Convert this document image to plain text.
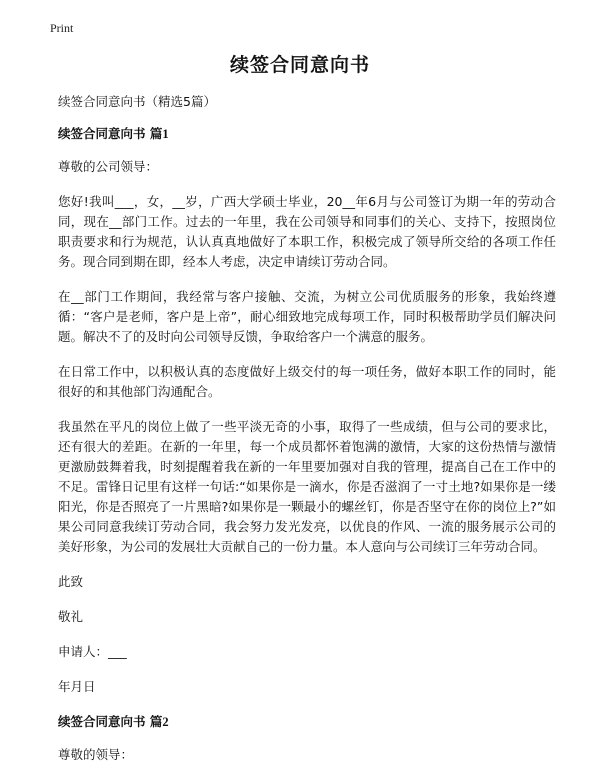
Print
续签合同意向书
续签合同意向书（精选5篇）
续签合同意向书 篇1
尊敬的公司领导：
您好!我叫___，女，__岁，广西大学硕士毕业，20__年6月与公司签订为期一年的劳动合同，现在__部门工作。过去的一年里，我在公司领导和同事们的关心、支持下，按照岗位职责要求和行为规范，认认真真地做好了本职工作，积极完成了领导所交给的各项工作任务。现合同到期在即，经本人考虑，决定申请续订劳动合同。
在__部门工作期间，我经常与客户接触、交流，为树立公司优质服务的形象，我始终遵循：“客户是老师，客户是上帝”，耐心细致地完成每项工作，同时积极帮助学员们解决问题。解决不了的及时向公司领导反馈，争取给客户一个满意的服务。
在日常工作中，以积极认真的态度做好上级交付的每一项任务，做好本职工作的同时，能很好的和其他部门沟通配合。
我虽然在平凡的岗位上做了一些平淡无奇的小事，取得了一些成绩，但与公司的要求比，还有很大的差距。在新的一年里，每一个成员都怀着饱满的激情，大家的这份热情与激情更激励鼓舞着我，时刻提醒着我在新的一年里要加强对自我的管理，提高自己在工作中的不足。雷锋日记里有这样一句话:“如果你是一滴水，你是否滋润了一寸土地?如果你是一缕阳光，你是否照亮了一片黑暗?如果你是一颗最小的螺丝钉，你是否坚守在你的岗位上?”如果公司同意我续订劳动合同，我会努力发光发亮，以优良的作风、一流的服务展示公司的美好形象，为公司的发展壮大贡献自己的一份力量。本人意向与公司续订三年劳动合同。
此致
敬礼
申请人：___
年月日
续签合同意向书 篇2
尊敬的领导：
